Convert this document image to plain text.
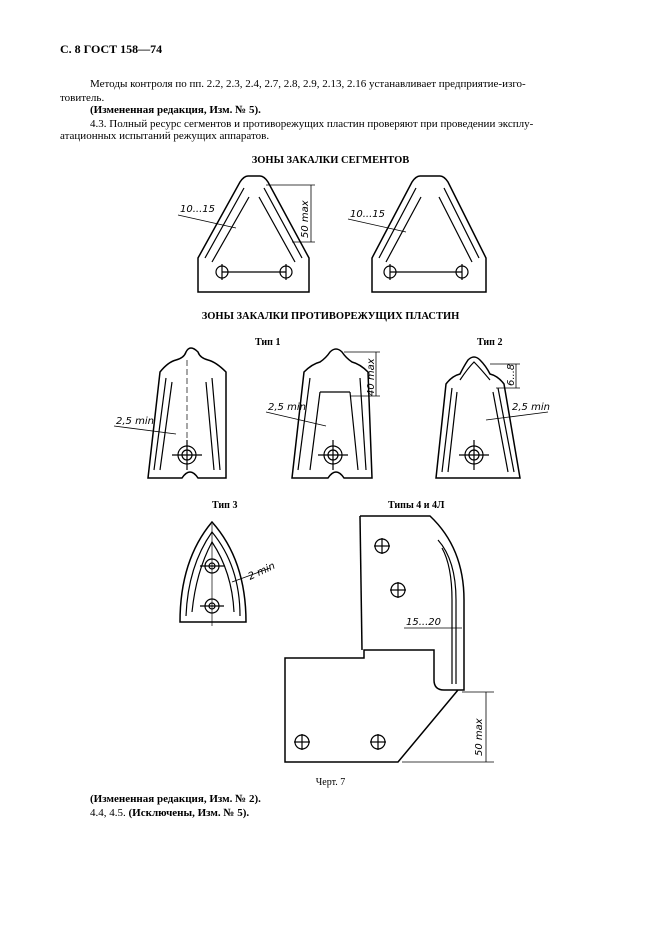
С. 8 ГОСТ 158—74
Методы контроля по пп. 2.2, 2.3, 2.4, 2.7, 2.8, 2.9, 2.13, 2.16 устанавливает предприятие-изго-
товитель.
(Измененная редакция, Изм. № 5).
4.3. Полный ресурс сегментов и противорежущих пластин проверяют при проведении эксплу-
атационных испытаний режущих аппаратов.
ЗОНЫ ЗАКАЛКИ СЕГМЕНТОВ
ЗОНЫ ЗАКАЛКИ ПРОТИВОРЕЖУЩИХ ПЛАСТИН
Тип 1	Тип 2
Тип 3	Типы 4 и 4Л
Черт. 7
(Измененная редакция, Изм. № 2).
4.4, 4.5. (Исключены, Изм. № 5).
50 max
10...15	10...15
2,5 min
40 max
2,5 min
6...8
2,5 min
2 min
15...20
50 max
